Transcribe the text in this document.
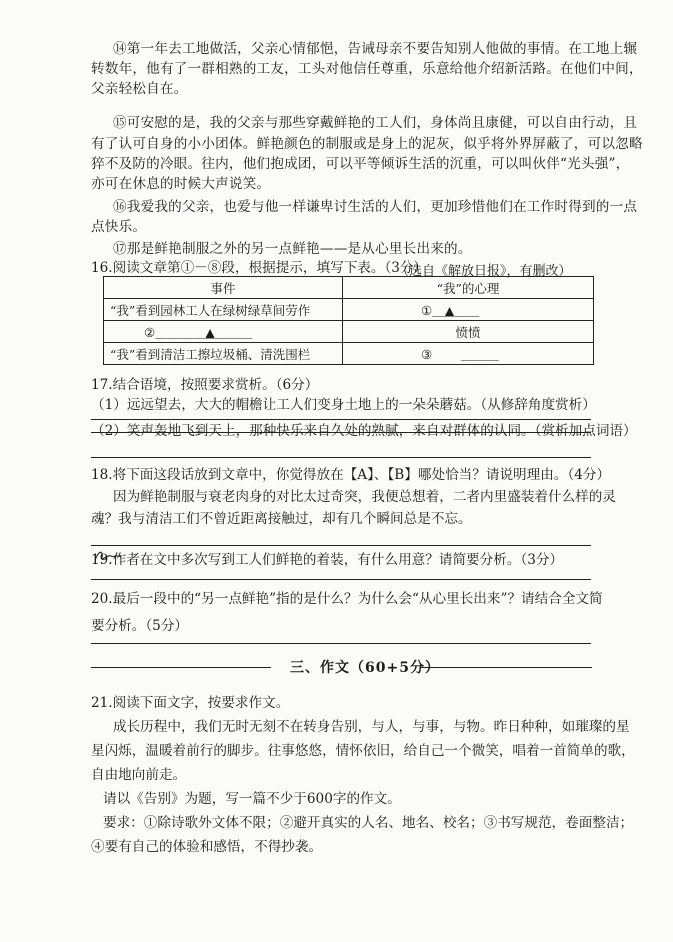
⑭第一年去工地做活，父亲心情郁悒，告诫母亲不要告知别人他做的事情。在工地上辗
转数年，他有了一群相熟的工友，工头对他信任尊重，乐意给他介绍新活路。在他们中间，
父亲轻松自在。
⑮可安慰的是，我的父亲与那些穿戴鲜艳的工人们，身体尚且康健，可以自由行动，且
有了认可自身的小小团体。鲜艳颜色的制服或是身上的泥灰，似乎将外界屏蔽了，可以忽略
猝不及防的冷眼。往内，他们抱成团，可以平等倾诉生活的沉重，可以叫伙伴“光头强”，
亦可在休息的时候大声说笑。
⑯我爱我的父亲，也爱与他一样谦卑讨生活的人们，更加珍惜他们在工作时得到的一点
点快乐。
⑰那是鲜艳制服之外的另一点鲜艳——是从心里长出来的。
（选自《解放日报》，有删改）
16.阅读文章第①－⑧段，根据提示，填写下表。（3分）
事件	“我”的心理
“我”看到园林工人在绿树绿草间劳作	①＿▲＿＿
②＿＿＿＿▲＿＿＿	愤愤
“我”看到清洁工擦垃圾桶、清洗围栏	③　　 ＿＿＿
17.结合语境，按照要求赏析。（6分）
（1）远远望去，大大的帽檐让工人们变身土地上的一朵朵蘑菇。（从修辞角度赏析）
（2）笑声轰地飞到天上，那种快乐来自久处的熟腻，来自对群体的认同。（赏析加点词语）
18.将下面这段话放到文章中，你觉得放在【A】、【B】哪处恰当？请说明理由。（4分）
因为鲜艳制服与衰老肉身的对比太过奇突，我便总想着，二者内里盛装着什么样的灵
魂？我与清洁工们不曾近距离接触过，却有几个瞬间总是不忘。
19.作者在文中多次写到工人们鲜艳的着装，有什么用意？请简要分析。（3分）
20.最后一段中的“另一点鲜艳”指的是什么？为什么会“从心里长出来”？请结合全文简
要分析。（5分）
三、作文（60+5分）
21.阅读下面文字，按要求作文。
成长历程中，我们无时无刻不在转身告别，与人，与事，与物。昨日种种，如璀璨的星
星闪烁，温暖着前行的脚步。往事悠悠，情怀依旧，给自己一个微笑，唱着一首简单的歌，
自由地向前走。
请以《告别》为题，写一篇不少于600字的作文。
要求：①除诗歌外文体不限；②避开真实的人名、地名、校名；③书写规范，卷面整洁；
④要有自己的体验和感悟，不得抄袭。
